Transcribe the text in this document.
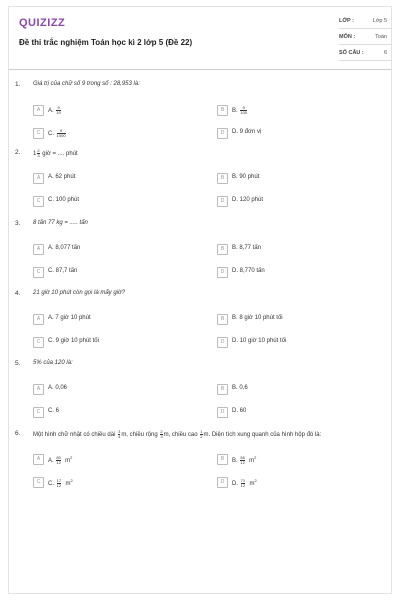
QUIZIZZ
Đề thi trắc nghiệm Toán học kì 2 lớp 5 (Đề 22)
LỚP :	Lớp 5
MÔN :	Toán
SỐ CÂU :	6
1. Giá trị của chữ số 9 trong số : 28,953 là:
A	A. $\frac{9}{10}$	B	B. $\frac{9}{100}$
C	C. $\frac{9}{1000}$	D	D. 9 đơn vị
2. $1 \frac{2}{3}$ giờ = .... phút
A	A. 62 phút	B	B. 90 phút
C	C. 100 phút	D	D. 120 phút
3. 8 tấn 77 kg = ..... tấn
A	A. 8,077 tấn	B	B. 8,77 tấn
C	C. 87,7 tấn	D	D. 8,770 tấn
4. 21 giờ 10 phút còn gọi là mấy giờ?
A	A. 7 giờ 10 phút	B	B. 8 giờ 10 phút tối
C	C. 9 giờ 10 phút tối	D	D. 10 giờ 10 phút tối
5. 5% của 120 là:
A	A. 0,06	B	B. 0,6
C	C. 6	D	D. 60
6. Một hình chữ nhật có chiều dài $\frac{3}{4} m$, chiều rộng $\frac{2}{3} m$, chiều cao $\frac{1}{2} m$. Diện tích xung quanh của hình hộp đó là:
A	A. $\frac{80}{12} m^2$	B	B. $\frac{56}{12} m^2$
C	C. $\frac{17}{12} m^2$	D	D. $\frac{71}{12} m^2$
